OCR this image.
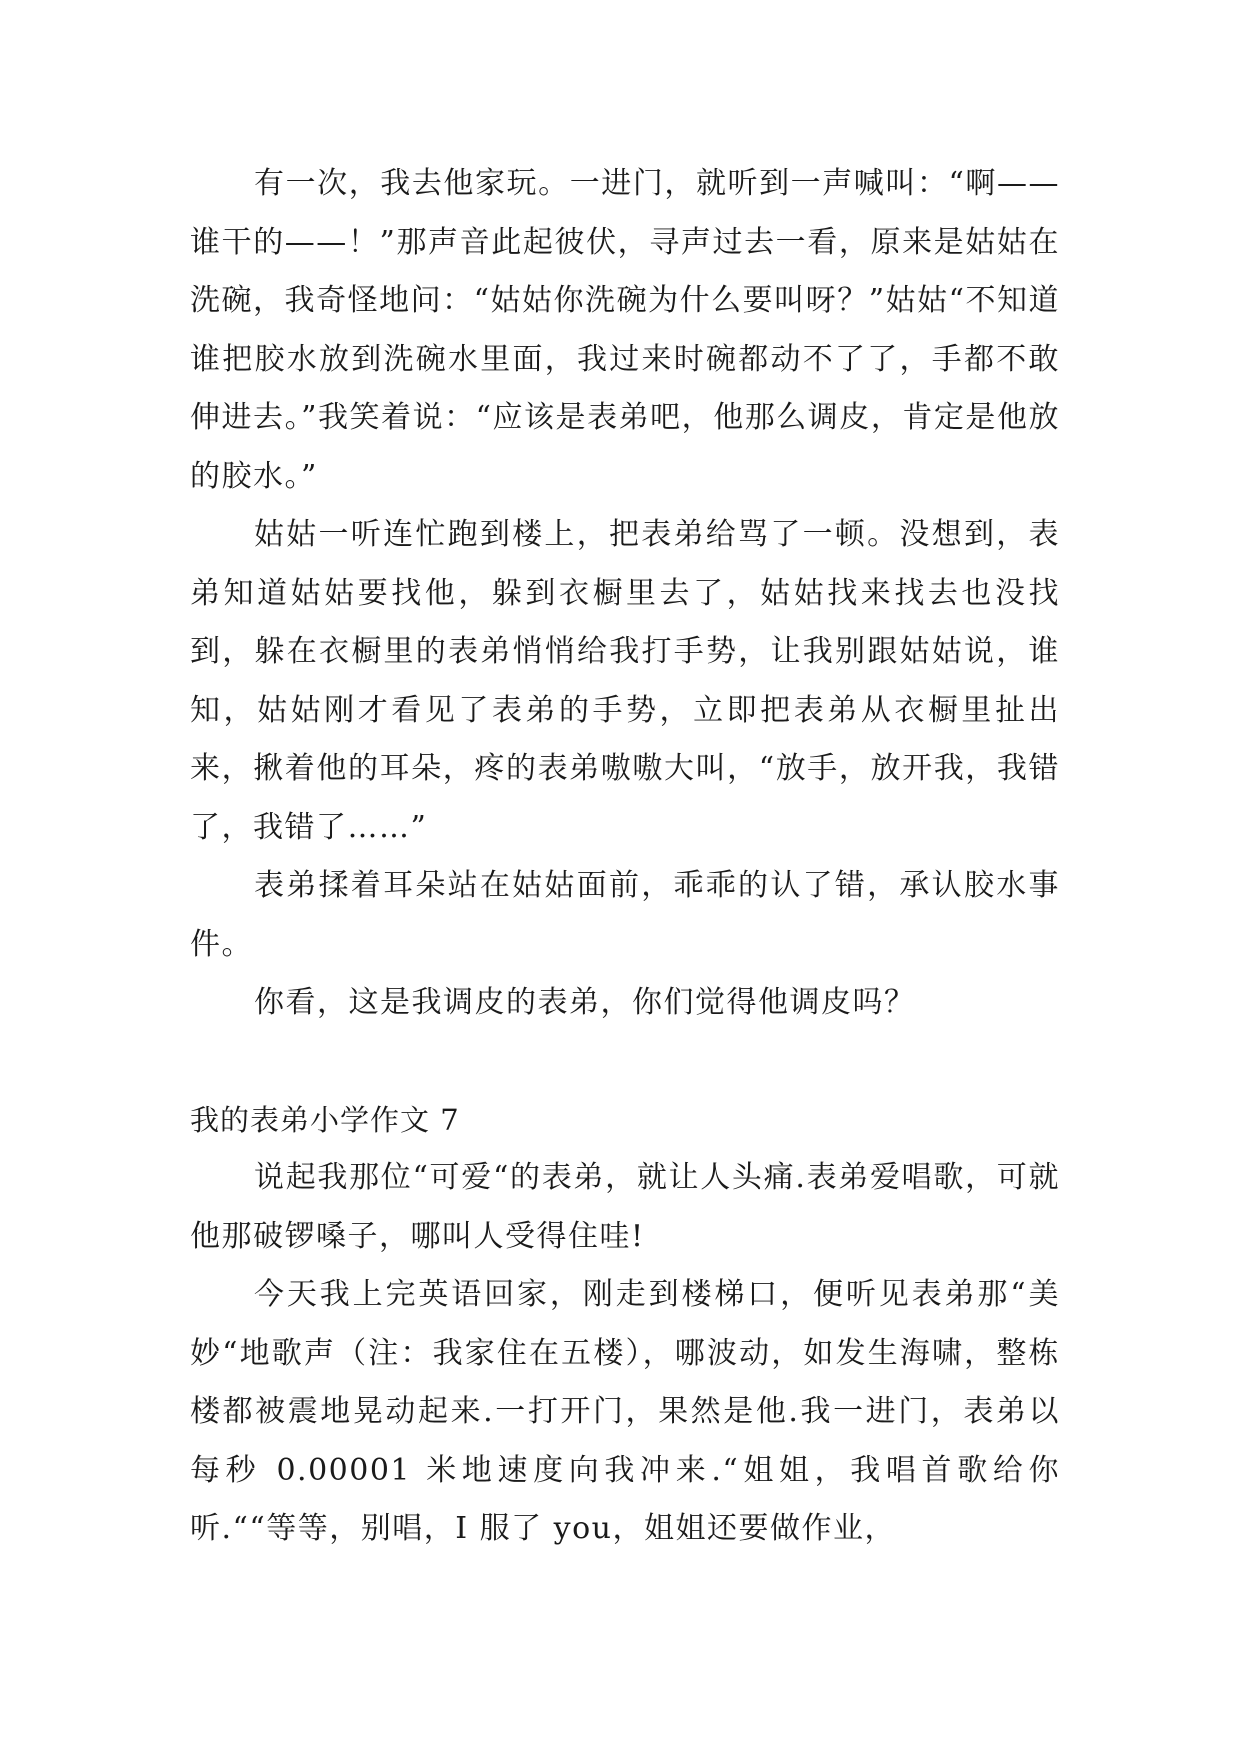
有一次，我去他家玩。一进门，就听到一声喊叫：“啊——谁干的——！”那声音此起彼伏，寻声过去一看，原来是姑姑在洗碗，我奇怪地问：“姑姑你洗碗为什么要叫呀？”姑姑“不知道谁把胶水放到洗碗水里面，我过来时碗都动不了了，手都不敢伸进去。”我笑着说：“应该是表弟吧，他那么调皮，肯定是他放的胶水。”

姑姑一听连忙跑到楼上，把表弟给骂了一顿。没想到，表弟知道姑姑要找他，躲到衣橱里去了，姑姑找来找去也没找到，躲在衣橱里的表弟悄悄给我打手势，让我别跟姑姑说，谁知，姑姑刚才看见了表弟的手势，立即把表弟从衣橱里扯出来，揪着他的耳朵，疼的表弟嗷嗷大叫，“放手，放开我，我错了，我错了……”

表弟揉着耳朵站在姑姑面前，乖乖的认了错，承认胶水事件。

你看，这是我调皮的表弟，你们觉得他调皮吗？

我的表弟小学作文 7

说起我那位“可爱“的表弟，就让人头痛.表弟爱唱歌，可就他那破锣嗓子，哪叫人受得住哇!

今天我上完英语回家，刚走到楼梯口，便听见表弟那“美妙“地歌声（注：我家住在五楼），哪波动，如发生海啸，整栋楼都被震地晃动起来.一打开门，果然是他.我一进门，表弟以每秒 0.00001 米地速度向我冲来.“姐姐，我唱首歌给你听.““等等，别唱，I 服了 you，姐姐还要做作业，
